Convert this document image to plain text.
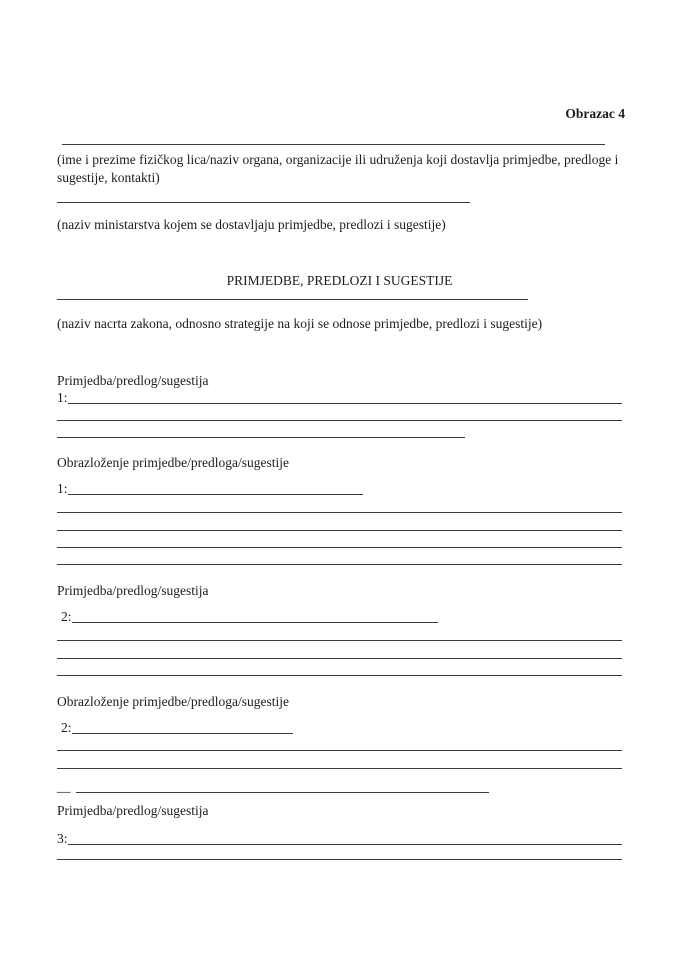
Obrazac 4
(ime i prezime fizičkog lica/naziv organa, organizacije ili udruženja koji dostavlja primjedbe, predloge i sugestije, kontakti)
(naziv ministarstva kojem se dostavljaju primjedbe, predlozi i sugestije)
PRIMJEDBE, PREDLOZI I SUGESTIJE
(naziv nacrta zakona, odnosno strategije na koji se odnose primjedbe, predlozi i sugestije)
Primjedba/predlog/sugestija
1:
Obrazloženje primjedbe/predloga/sugestije
1:
Primjedba/predlog/sugestija
2:
Obrazloženje primjedbe/predloga/sugestije
2:
__
Primjedba/predlog/sugestija
3:
